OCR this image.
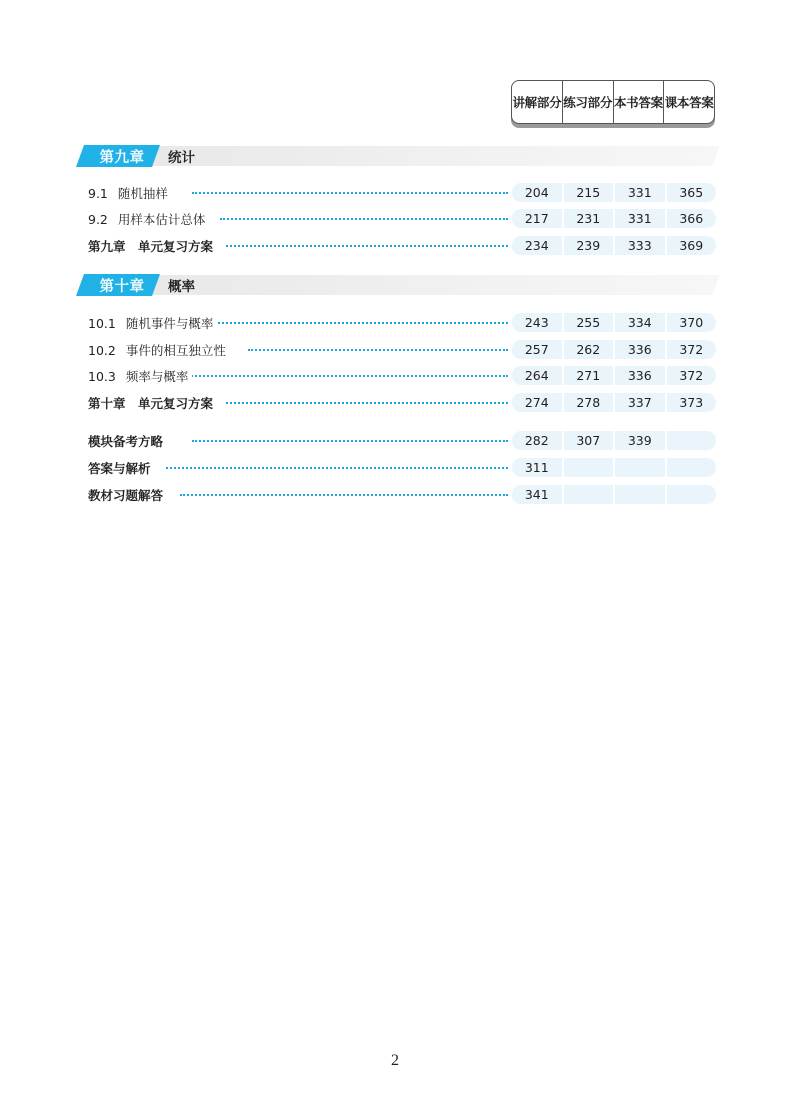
讲解部分 练习部分 本书答案 课本答案
第九章	统计
9.1 随机抽样	204	215	331	365
9.2 用样本估计总体	217	231	331	366
第九章　单元复习方案	234	239	333	369
第十章	概率
10.1 随机事件与概率	243	255	334	370
10.2 事件的相互独立性	257	262	336	372
10.3 频率与概率	264	271	336	372
第十章　单元复习方案	274	278	337	373
模块备考方略	282	307	339
答案与解析	311
教材习题解答	341
2
